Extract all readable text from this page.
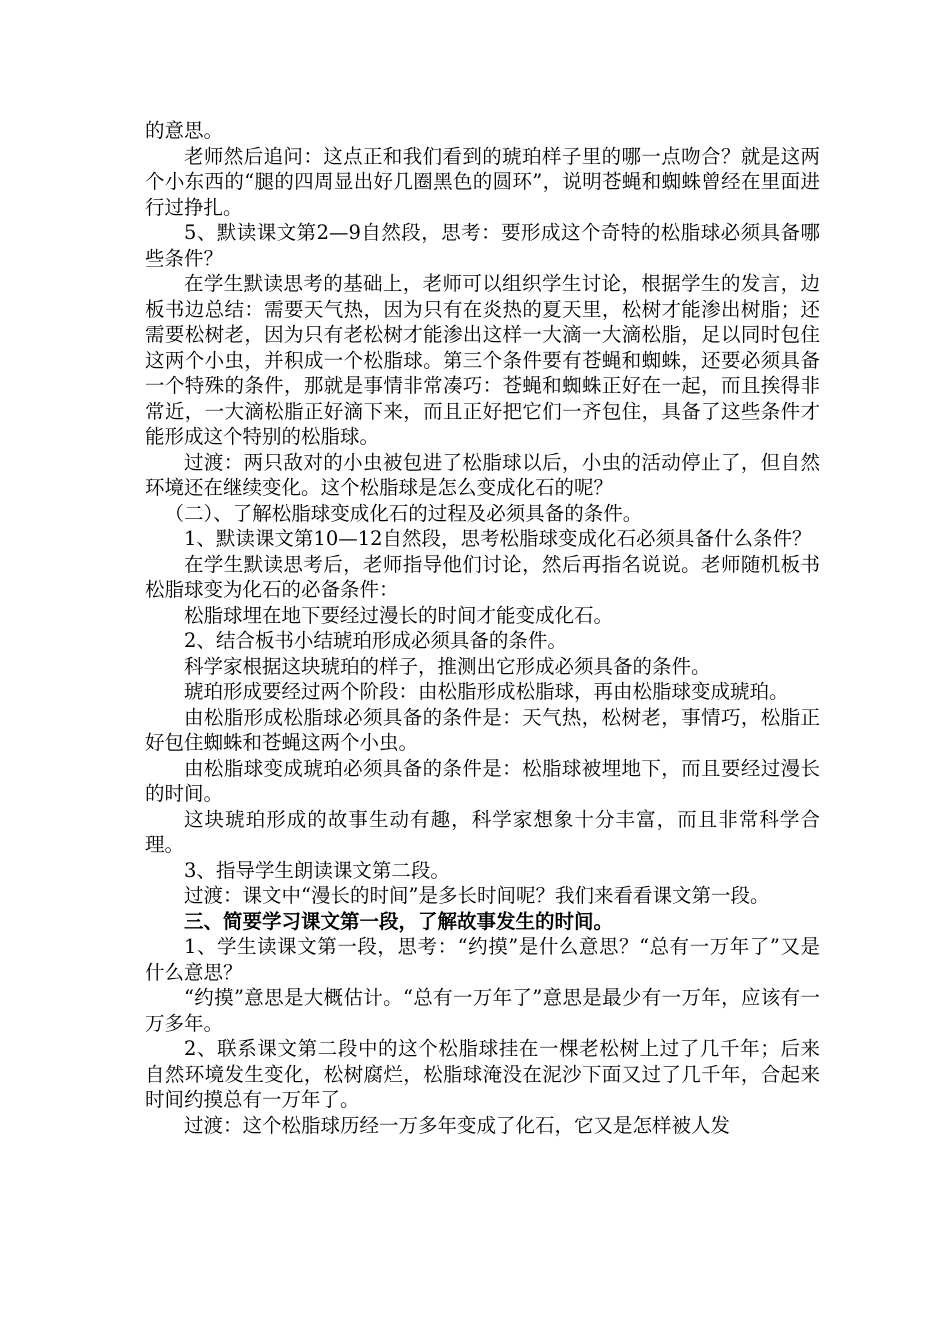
的意思。

老师然后追问：这点正和我们看到的琥珀样子里的哪一点吻合？就是这两个小东西的“腿的四周显出好几圈黑色的圆环”，说明苍蝇和蜘蛛曾经在里面进行过挣扎。

5、默读课文第2—9自然段，思考：要形成这个奇特的松脂球必须具备哪些条件？

在学生默读思考的基础上，老师可以组织学生讨论，根据学生的发言，边板书边总结：需要天气热，因为只有在炎热的夏天里，松树才能渗出树脂；还需要松树老，因为只有老松树才能渗出这样一大滴一大滴松脂，足以同时包住这两个小虫，并积成一个松脂球。第三个条件要有苍蝇和蜘蛛，还要必须具备一个特殊的条件，那就是事情非常凑巧：苍蝇和蜘蛛正好在一起，而且挨得非常近，一大滴松脂正好滴下来，而且正好把它们一齐包住，具备了这些条件才能形成这个特别的松脂球。

过渡：两只敌对的小虫被包进了松脂球以后，小虫的活动停止了，但自然环境还在继续变化。这个松脂球是怎么变成化石的呢？

（二）、了解松脂球变成化石的过程及必须具备的条件。

1、默读课文第10—12自然段，思考松脂球变成化石必须具备什么条件？

在学生默读思考后，老师指导他们讨论，然后再指名说说。老师随机板书松脂球变为化石的必备条件：

松脂球埋在地下要经过漫长的时间才能变成化石。

2、结合板书小结琥珀形成必须具备的条件。

科学家根据这块琥珀的样子，推测出它形成必须具备的条件。

琥珀形成要经过两个阶段：由松脂形成松脂球，再由松脂球变成琥珀。

由松脂形成松脂球必须具备的条件是：天气热，松树老，事情巧，松脂正好包住蜘蛛和苍蝇这两个小虫。

由松脂球变成琥珀必须具备的条件是：松脂球被埋地下，而且要经过漫长的时间。

这块琥珀形成的故事生动有趣，科学家想象十分丰富，而且非常科学合理。

3、指导学生朗读课文第二段。

过渡：课文中“漫长的时间”是多长时间呢？我们来看看课文第一段。

三、简要学习课文第一段，了解故事发生的时间。

1、学生读课文第一段，思考：“约摸”是什么意思？“总有一万年了”又是什么意思？

“约摸”意思是大概估计。“总有一万年了”意思是最少有一万年，应该有一万多年。

2、联系课文第二段中的这个松脂球挂在一棵老松树上过了几千年；后来自然环境发生变化，松树腐烂，松脂球淹没在泥沙下面又过了几千年，合起来时间约摸总有一万年了。

过渡：这个松脂球历经一万多年变成了化石，它又是怎样被人发
